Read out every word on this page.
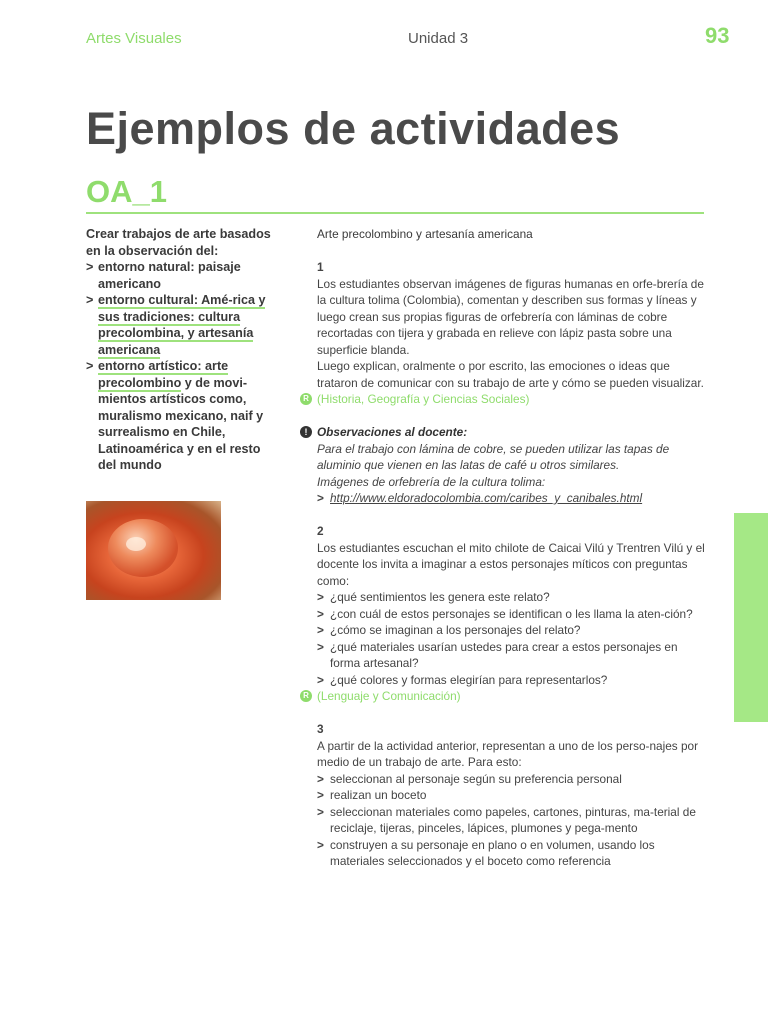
Artes Visuales	Unidad 3	93
Ejemplos de actividades
OA_1

Crear trabajos de arte basados en la observación del:

> entorno natural: paisaje americano
> entorno cultural: Amé-rica y sus tradiciones: cultura precolombina, y artesanía americana
> entorno artístico: arte precolombino y de movi-mientos artísticos como, muralismo mexicano, naif y surrealismo en Chile, Latinoamérica y en el resto del mundo

Arte precolombino y artesanía americana

1

Los estudiantes observan imágenes de figuras humanas en orfe-brería de la cultura tolima (Colombia), comentan y describen sus formas y líneas y luego crean sus propias figuras de orfebrería con láminas de cobre recortadas con tijera y grabada en relieve con lápiz pasta sobre una superficie blanda.

Luego explican, oralmente o por escrito, las emociones o ideas que trataron de comunicar con su trabajo de arte y cómo se pueden visualizar.

R (Historia, Geografía y Ciencias Sociales)

! Observaciones al docente:

Para el trabajo con lámina de cobre, se pueden utilizar las tapas de aluminio que vienen en las latas de café u otros similares.

Imágenes de orfebrería de la cultura tolima:

> http://www.eldoradocolombia.com/caribes_y_canibales.html

2

Los estudiantes escuchan el mito chilote de Caicai Vilú y Trentren Vilú y el docente los invita a imaginar a estos personajes míticos con preguntas como:

> ¿qué sentimientos les genera este relato?

> ¿con cuál de estos personajes se identifican o les llama la aten-ción?

> ¿cómo se imaginan a los personajes del relato?

> ¿qué materiales usarían ustedes para crear a estos personajes en forma artesanal?

> ¿qué colores y formas elegirían para representarlos?

R (Lenguaje y Comunicación)

3

A partir de la actividad anterior, representan a uno de los perso-najes por medio de un trabajo de arte. Para esto:

> seleccionan al personaje según su preferencia personal

> realizan un boceto

> seleccionan materiales como papeles, cartones, pinturas, ma-terial de reciclaje, tijeras, pinceles, lápices, plumones y pega-mento

> construyen a su personaje en plano o en volumen, usando los materiales seleccionados y el boceto como referencia
